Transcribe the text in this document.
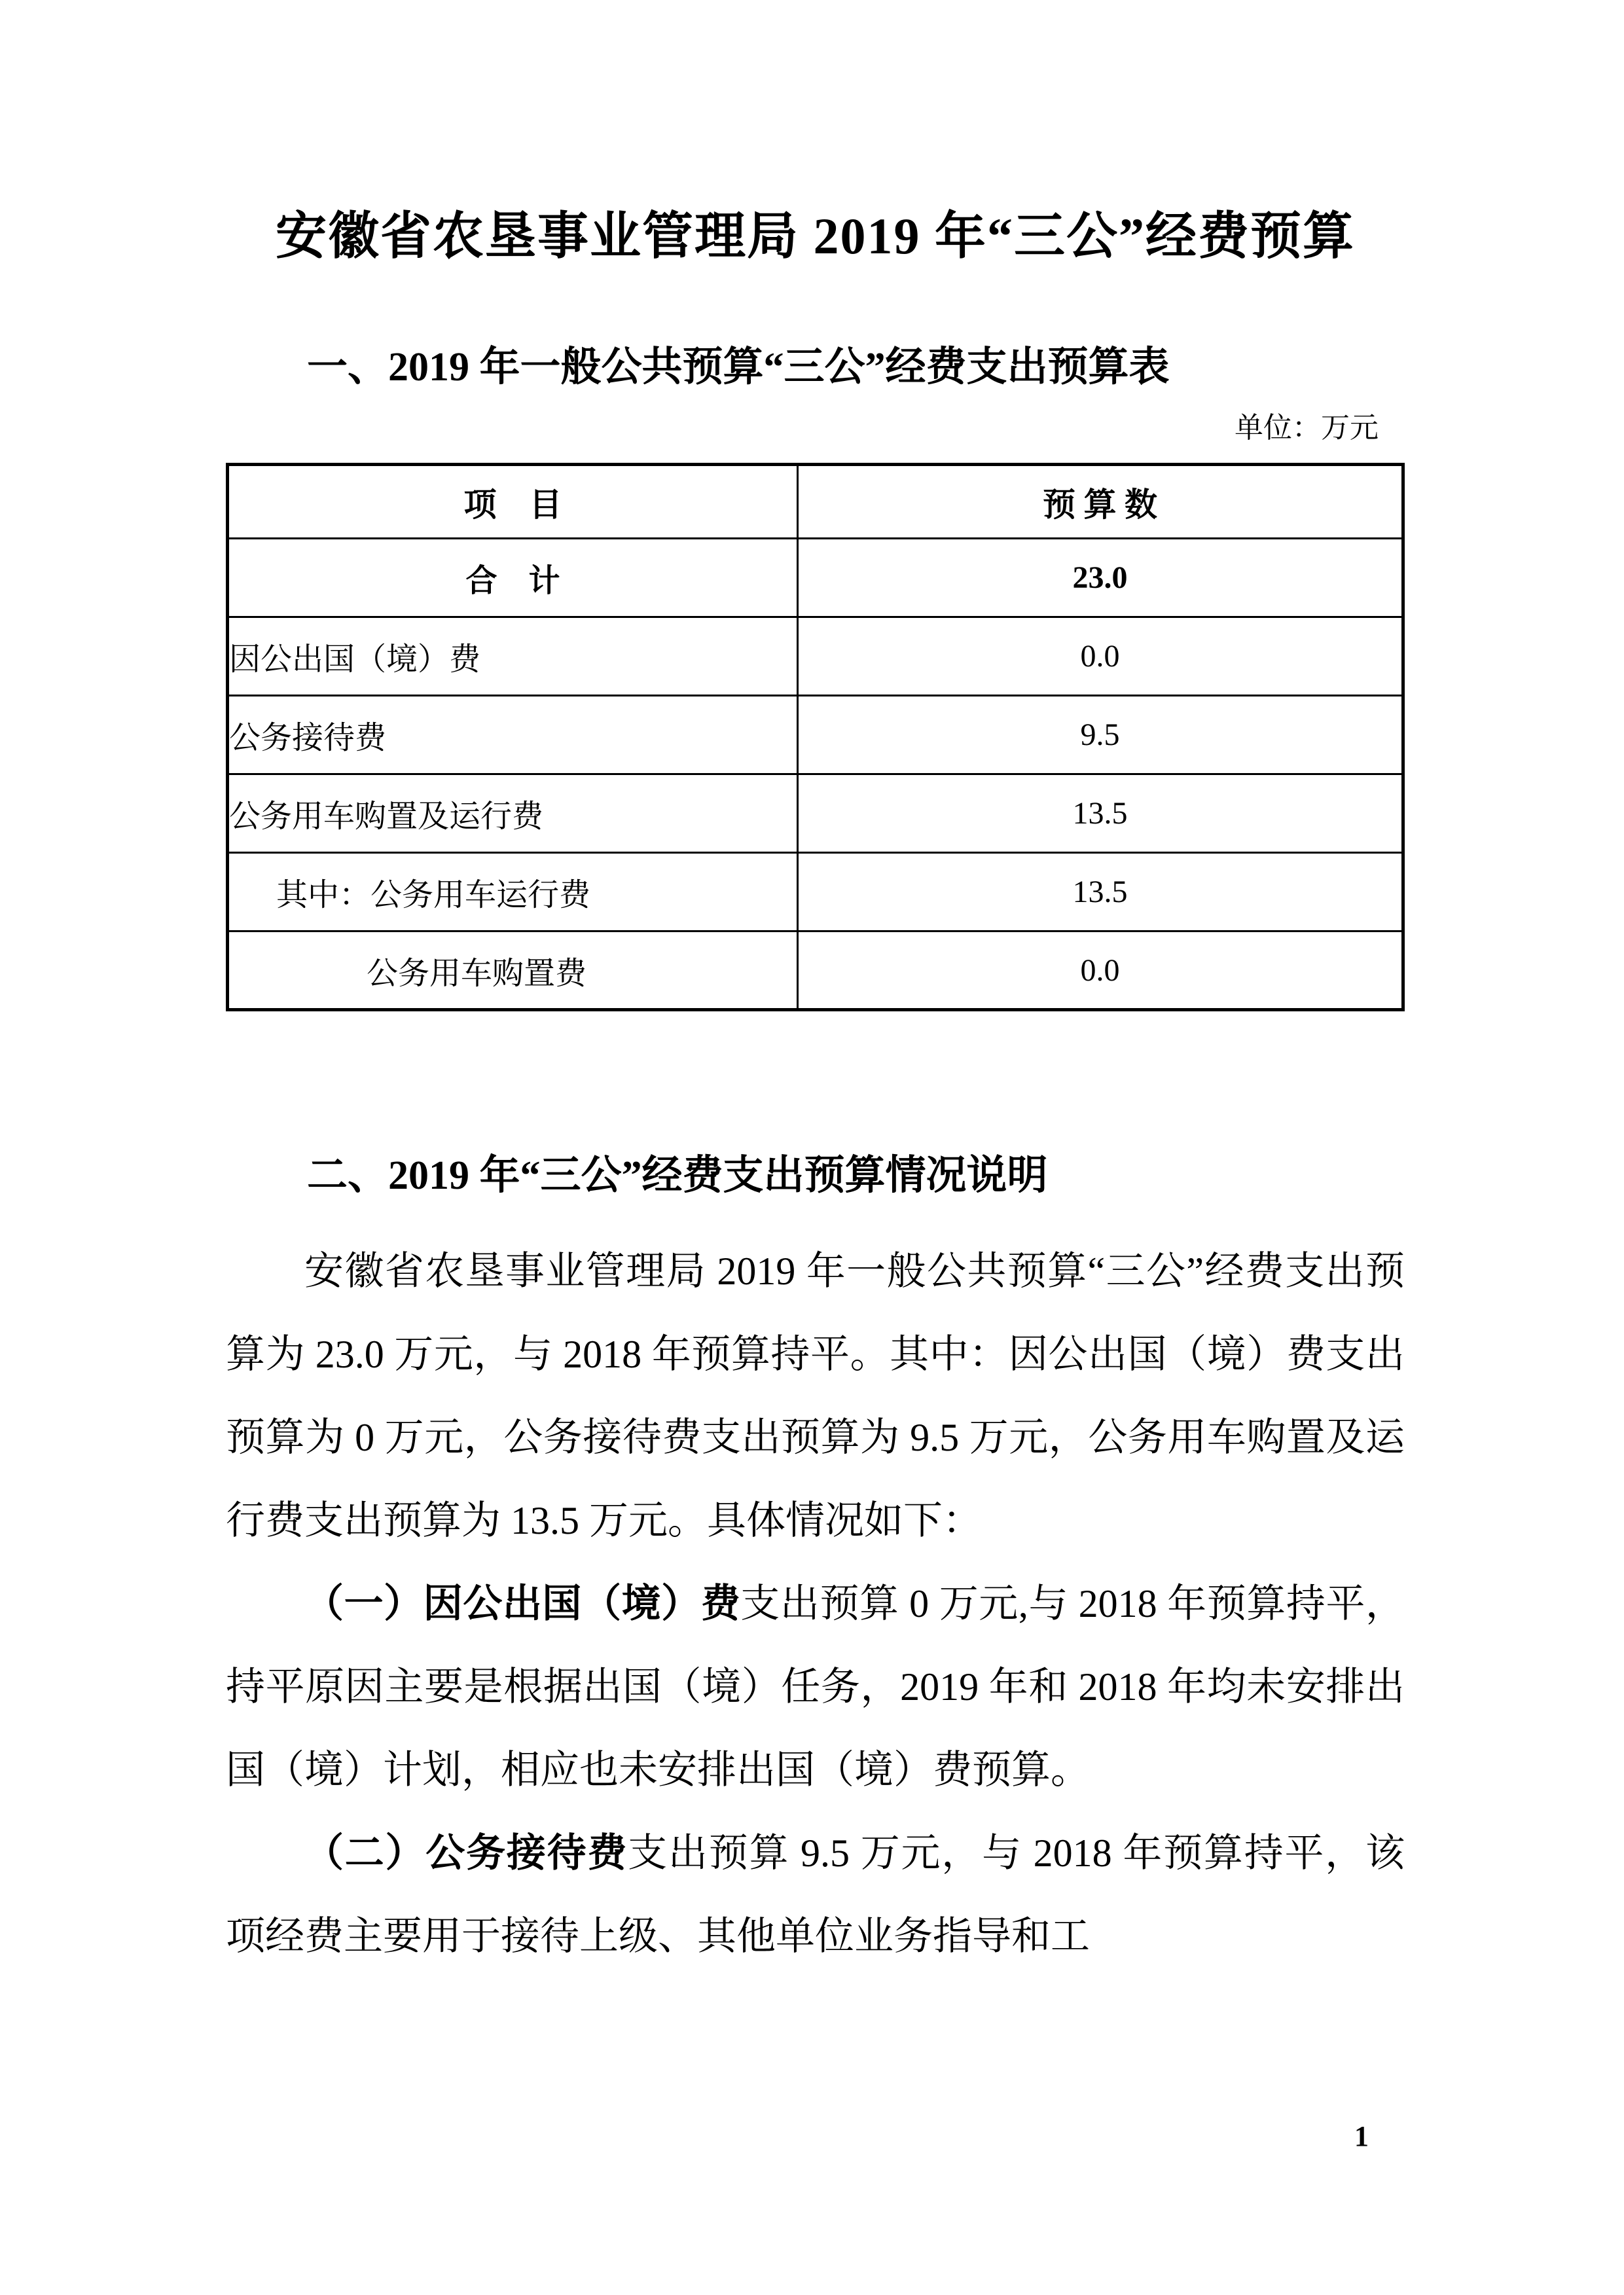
安徽省农垦事业管理局 2019 年“三公”经费预算
一、2019 年一般公共预算“三公”经费支出预算表
单位：万元
项　目	预 算 数
合　计	23.0
因公出国（境）费	0.0
公务接待费	9.5
公务用车购置及运行费	13.5
其中：公务用车运行费	13.5
公务用车购置费	0.0
二、2019 年“三公”经费支出预算情况说明

安徽省农垦事业管理局 2019 年一般公共预算“三公”经费支出预算为 23.0 万元，与 2018 年预算持平。其中：因公出国（境）费支出预算为 0 万元，公务接待费支出预算为 9.5 万元，公务用车购置及运行费支出预算为 13.5 万元。具体情况如下：

（一）因公出国（境）费支出预算 0 万元,与 2018 年预算持平，持平原因主要是根据出国（境）任务，2019 年和 2018 年均未安排出国（境）计划，相应也未安排出国（境）费预算。

（二）公务接待费支出预算 9.5 万元，与 2018 年预算持平，该项经费主要用于接待上级、其他单位业务指导和工

1
